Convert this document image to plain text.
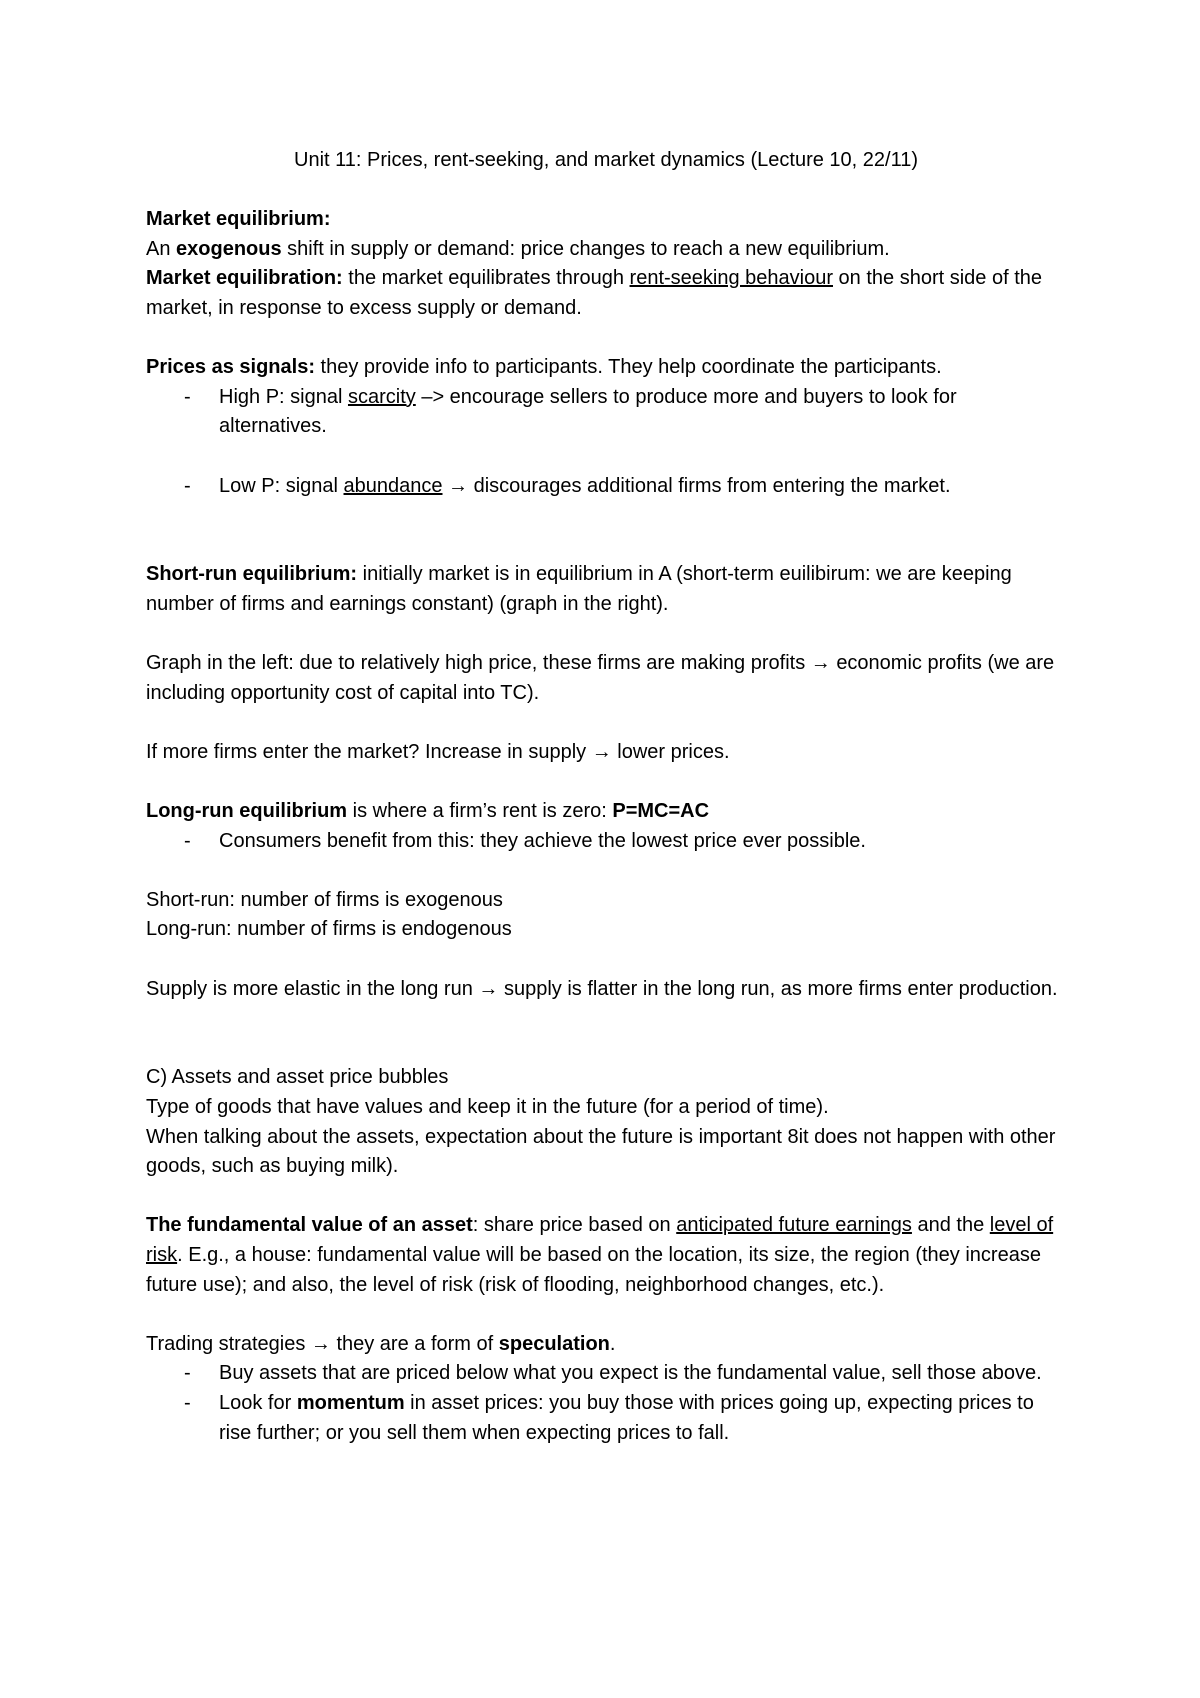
Unit 11: Prices, rent-seeking, and market dynamics (Lecture 10, 22/11)

Market equilibrium:

An exogenous shift in supply or demand: price changes to reach a new equilibrium.

Market equilibration: the market equilibrates through rent-seeking behaviour on the short side of the market, in response to excess supply or demand.

Prices as signals: they provide info to participants. They help coordinate the participants.

- High P: signal scarcity –> encourage sellers to produce more and buyers to look for alternatives.
- Low P: signal abundance → discourages additional firms from entering the market.

Short-run equilibrium: initially market is in equilibrium in A (short-term euilibirum: we are keeping number of firms and earnings constant) (graph in the right).

Graph in the left: due to relatively high price, these firms are making profits → economic profits (we are including opportunity cost of capital into TC).

If more firms enter the market? Increase in supply → lower prices.

Long-run equilibrium is where a firm’s rent is zero: P=MC=AC

- Consumers benefit from this: they achieve the lowest price ever possible.

Short-run: number of firms is exogenous

Long-run: number of firms is endogenous

Supply is more elastic in the long run → supply is flatter in the long run, as more firms enter production.

C) Assets and asset price bubbles

Type of goods that have values and keep it in the future (for a period of time).

When talking about the assets, expectation about the future is important 8it does not happen with other goods, such as buying milk).

The fundamental value of an asset: share price based on anticipated future earnings and the level of risk. E.g., a house: fundamental value will be based on the location, its size, the region (they increase future use); and also, the level of risk (risk of flooding, neighborhood changes, etc.).

Trading strategies → they are a form of speculation.

- Buy assets that are priced below what you expect is the fundamental value, sell those above.
- Look for momentum in asset prices: you buy those with prices going up, expecting prices to rise further; or you sell them when expecting prices to fall.
